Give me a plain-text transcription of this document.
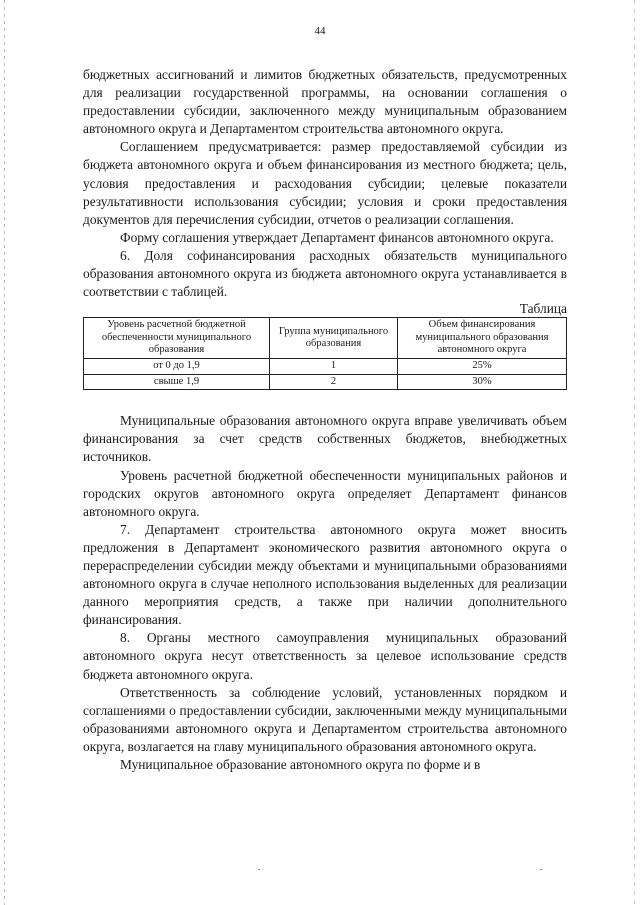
44

бюджетных ассигнований и лимитов бюджетных обязательств, предусмотренных для реализации государственной программы, на основании соглашения о предоставлении субсидии, заключенного между муниципальным образованием автономного округа и Департаментом строительства автономного округа.

Соглашением предусматривается: размер предоставляемой субсидии из бюджета автономного округа и объем финансирования из местного бюджета; цель, условия предоставления и расходования субсидии; целевые показатели результативности использования субсидии; условия и сроки предоставления документов для перечисления субсидии, отчетов о реализации соглашения.

Форму соглашения утверждает Департамент финансов автономного округа.

6. Доля софинансирования расходных обязательств муниципального образования автономного округа из бюджета автономного округа устанавливается в соответствии с таблицей.

Таблица
Уровень расчетной бюджетной обеспеченности муниципального образования	Группа муниципального образования	Объем финансирования муниципального образования автономного округа
от 0 до 1,9	1	25%
свыше 1,9	2	30%

Муниципальные образования автономного округа вправе увеличивать объем финансирования за счет средств собственных бюджетов, внебюджетных источников.

Уровень расчетной бюджетной обеспеченности муниципальных районов и городских округов автономного округа определяет Департамент финансов автономного округа.

7. Департамент строительства автономного округа может вносить предложения в Департамент экономического развития автономного округа о перераспределении субсидии между объектами и муниципальными образованиями автономного округа в случае неполного использования выделенных для реализации данного мероприятия средств, а также при наличии дополнительного финансирования.

8. Органы местного самоуправления муниципальных образований автономного округа несут ответственность за целевое использование средств бюджета автономного округа.

Ответственность за соблюдение условий, установленных порядком и соглашениями о предоставлении субсидии, заключенными между муниципальными образованиями автономного округа и Департаментом строительства автономного округа, возлагается на главу муниципального образования автономного округа.

Муниципальное образование автономного округа по форме и в

.	.
